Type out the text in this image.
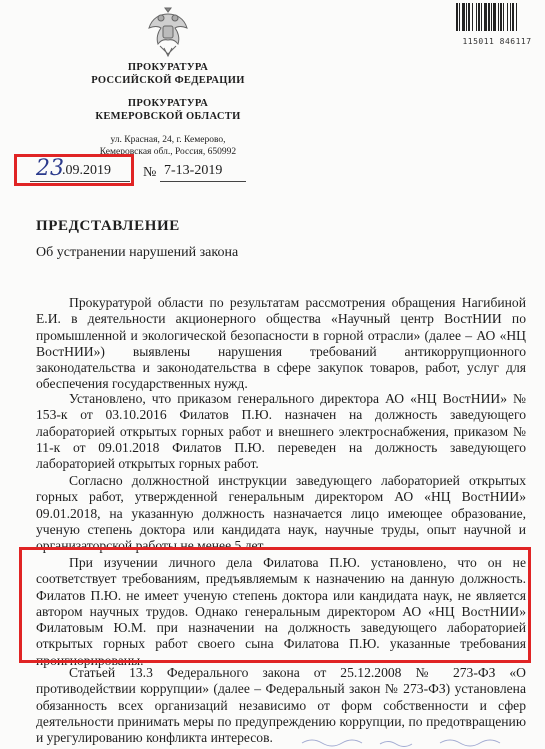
115011 846117
ПРОКУРАТУРА
РОССИЙСКОЙ ФЕДЕРАЦИИ
ПРОКУРАТУРА
КЕМЕРОВСКОЙ ОБЛАСТИ
ул. Красная, 24, г. Кемерово,
Кемеровская обл., Россия, 650992
23
.09.2019 № 7-13-2019
ПРЕДСТАВЛЕНИЕ
Об устранении нарушений закона
Прокуратурой области по результатам рассмотрения обращения Нагибиной Е.И. в деятельности акционерного общества «Научный центр ВостНИИ по промышленной и экологической безопасности в горной отрасли» (далее – АО «НЦ ВостНИИ») выявлены нарушения требований антикоррупционного законодательства и законодательства в сфере закупок товаров, работ, услуг для обеспечения государственных нужд.
Установлено, что приказом генерального директора АО «НЦ ВостНИИ» № 153-к от 03.10.2016 Филатов П.Ю. назначен на должность заведующего лабораторией открытых горных работ и внешнего электроснабжения, приказом № 11-к от 09.01.2018 Филатов П.Ю. переведен на должность заведующего лабораторией открытых горных работ.
Согласно должностной инструкции заведующего лабораторией открытых горных работ, утвержденной генеральным директором АО «НЦ ВостНИИ» 09.01.2018, на указанную должность назначается лицо имеющее образование, ученую степень доктора или кандидата наук, научные труды, опыт научной и организаторской работы не менее 5 лет.
При изучении личного дела Филатова П.Ю. установлено, что он не соответствует требованиям, предъявляемым к назначению на данную должность. Филатов П.Ю. не имеет ученую степень доктора или кандидата наук, не является автором научных трудов. Однако генеральным директором АО «НЦ ВостНИИ» Филатовым Ю.М. при назначении на должность заведующего лабораторией открытых горных работ своего сына Филатова П.Ю. указанные требования проигнорированы.
Статьей 13.3 Федерального закона от 25.12.2008 № 273-ФЗ «О противодействии коррупции» (далее – Федеральный закон № 273-ФЗ) установлена обязанность всех организаций независимо от форм собственности и сфер деятельности принимать меры по предупреждению коррупции, по предотвращению и урегулированию конфликта интересов.
